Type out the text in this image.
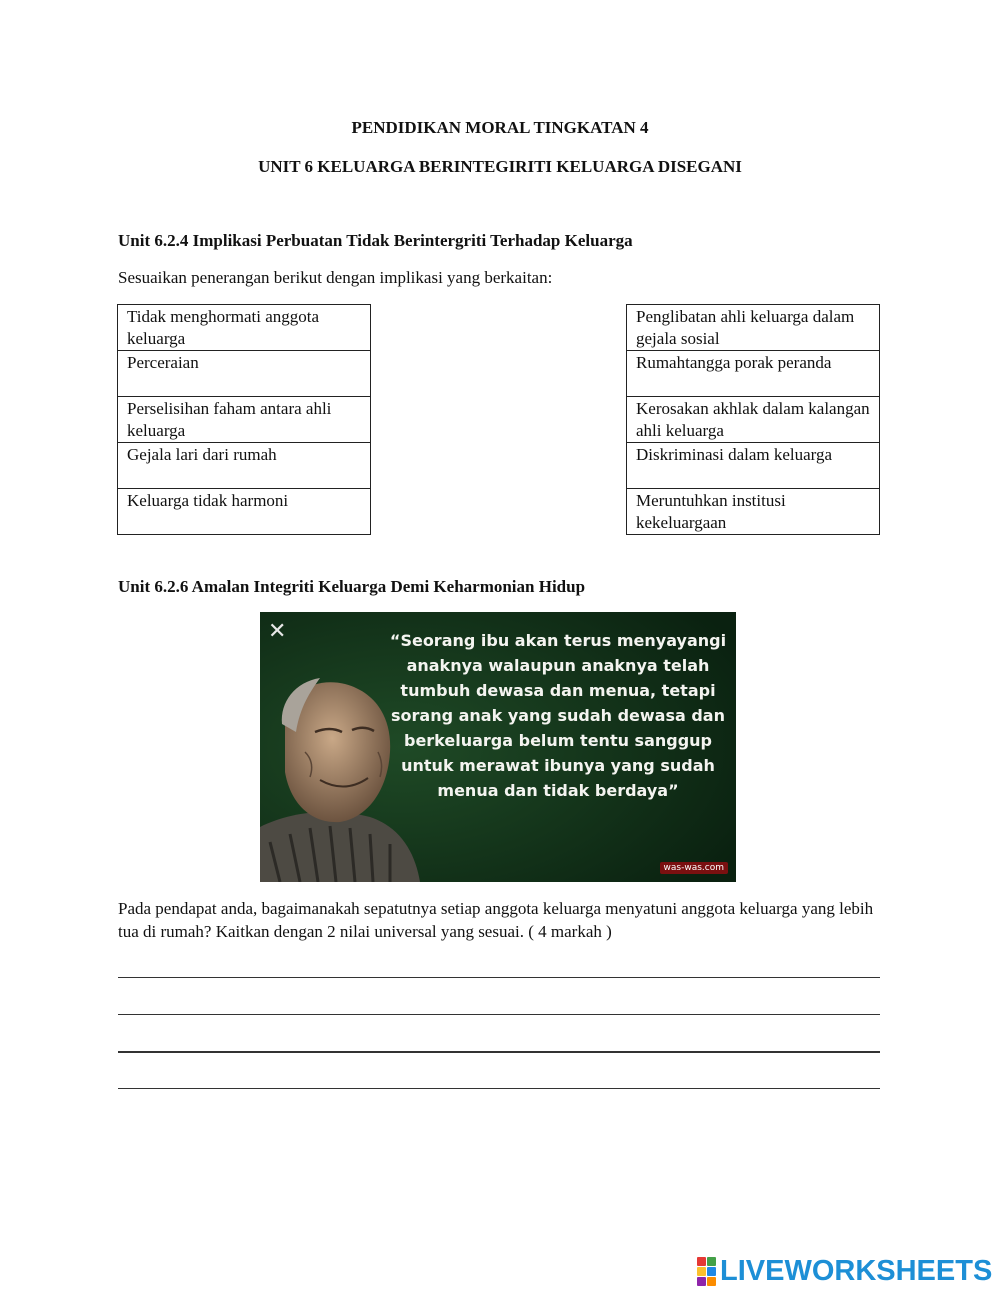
PENDIDIKAN MORAL TINGKATAN 4
UNIT 6 KELUARGA BERINTEGIRITI KELUARGA DISEGANI
Unit 6.2.4 Implikasi Perbuatan Tidak Berintergriti Terhadap Keluarga
Sesuaikan penerangan berikut dengan implikasi yang berkaitan:
Tidak menghormati anggota keluarga
Perceraian
Perselisihan faham antara ahli keluarga
Gejala lari dari rumah
Keluarga tidak harmoni
Penglibatan ahli keluarga dalam gejala sosial
Rumahtangga porak peranda
Kerosakan akhlak dalam kalangan ahli keluarga
Diskriminasi dalam keluarga
Meruntuhkan institusi kekeluargaan
Unit 6.2.6 Amalan Integriti Keluarga Demi Keharmonian Hidup
✕	“Seorang ibu akan terus menyayangi anaknya walaupun anaknya telah tumbuh dewasa dan menua, tetapi sorang anak yang sudah dewasa dan berkeluarga belum tentu sanggup untuk merawat ibunya yang sudah menua dan tidak berdaya”
was-was.com
Pada pendapat anda, bagaimanakah sepatutnya setiap anggota keluarga menyatuni anggota keluarga yang lebih tua di rumah? Kaitkan dengan 2 nilai universal yang sesuai. ( 4 markah )
LIVEWORKSHEETS
